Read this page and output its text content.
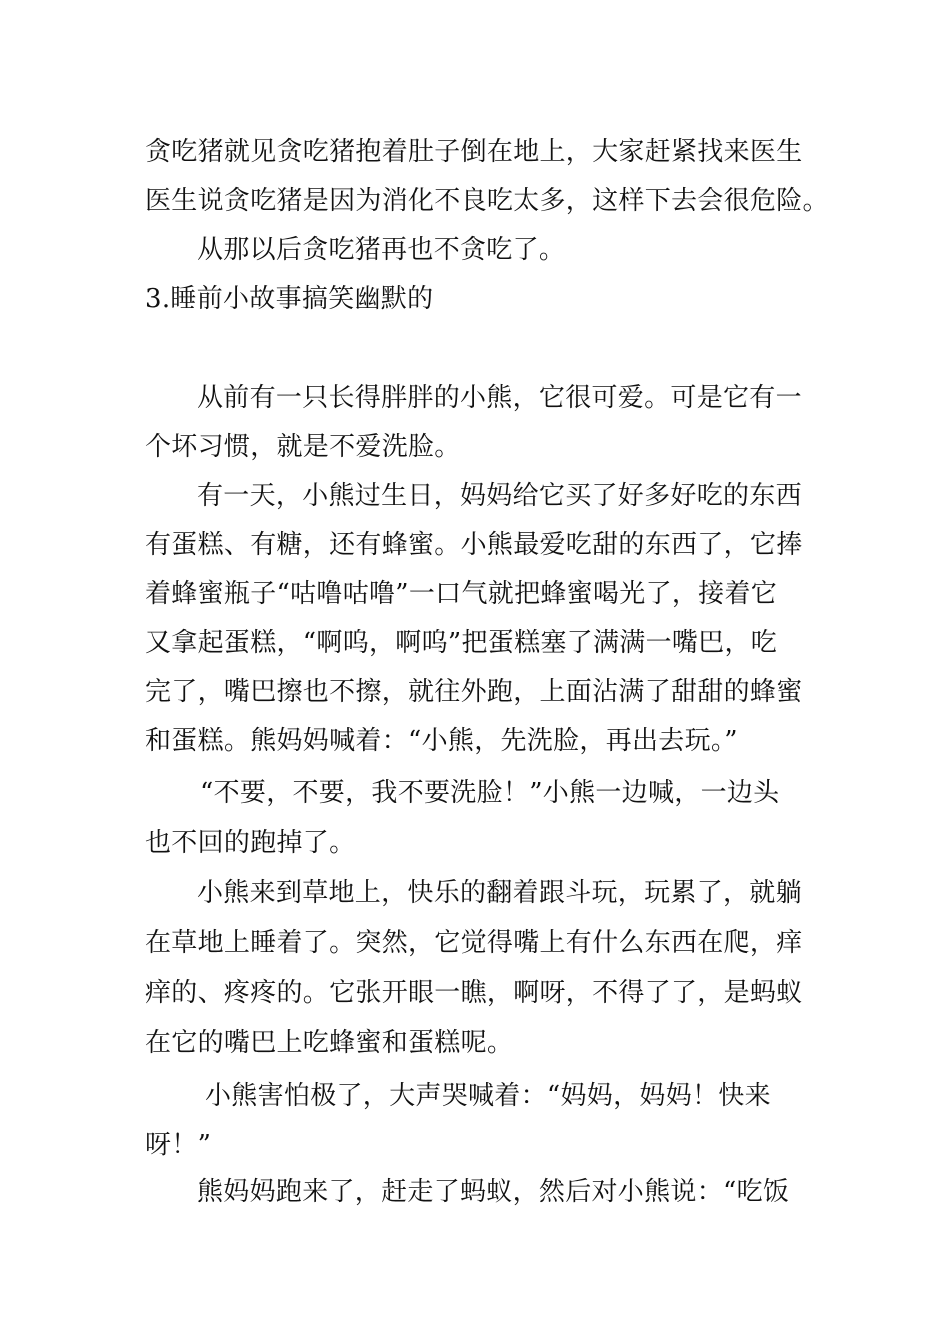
贪吃猪就见贪吃猪抱着肚子倒在地上，大家赶紧找来医生
医生说贪吃猪是因为消化不良吃太多，这样下去会很危险。
从那以后贪吃猪再也不贪吃了。
3.睡前小故事搞笑幽默的
从前有一只长得胖胖的小熊，它很可爱。可是它有一
个坏习惯，就是不爱洗脸。
有一天，小熊过生日，妈妈给它买了好多好吃的东西
有蛋糕、有糖，还有蜂蜜。小熊最爱吃甜的东西了，它捧
着蜂蜜瓶子“咕噜咕噜”一口气就把蜂蜜喝光了，接着它
又拿起蛋糕，“啊呜，啊呜”把蛋糕塞了满满一嘴巴，吃
完了，嘴巴擦也不擦，就往外跑，上面沾满了甜甜的蜂蜜
和蛋糕。熊妈妈喊着：“小熊，先洗脸，再出去玩。”
“不要，不要，我不要洗脸！”小熊一边喊，一边头
也不回的跑掉了。
小熊来到草地上，快乐的翻着跟斗玩，玩累了，就躺
在草地上睡着了。突然，它觉得嘴上有什么东西在爬，痒
痒的、疼疼的。它张开眼一瞧，啊呀，不得了了，是蚂蚁
在它的嘴巴上吃蜂蜜和蛋糕呢。
小熊害怕极了，大声哭喊着：“妈妈，妈妈！快来
呀！”
熊妈妈跑来了，赶走了蚂蚁，然后对小熊说：“吃饭
